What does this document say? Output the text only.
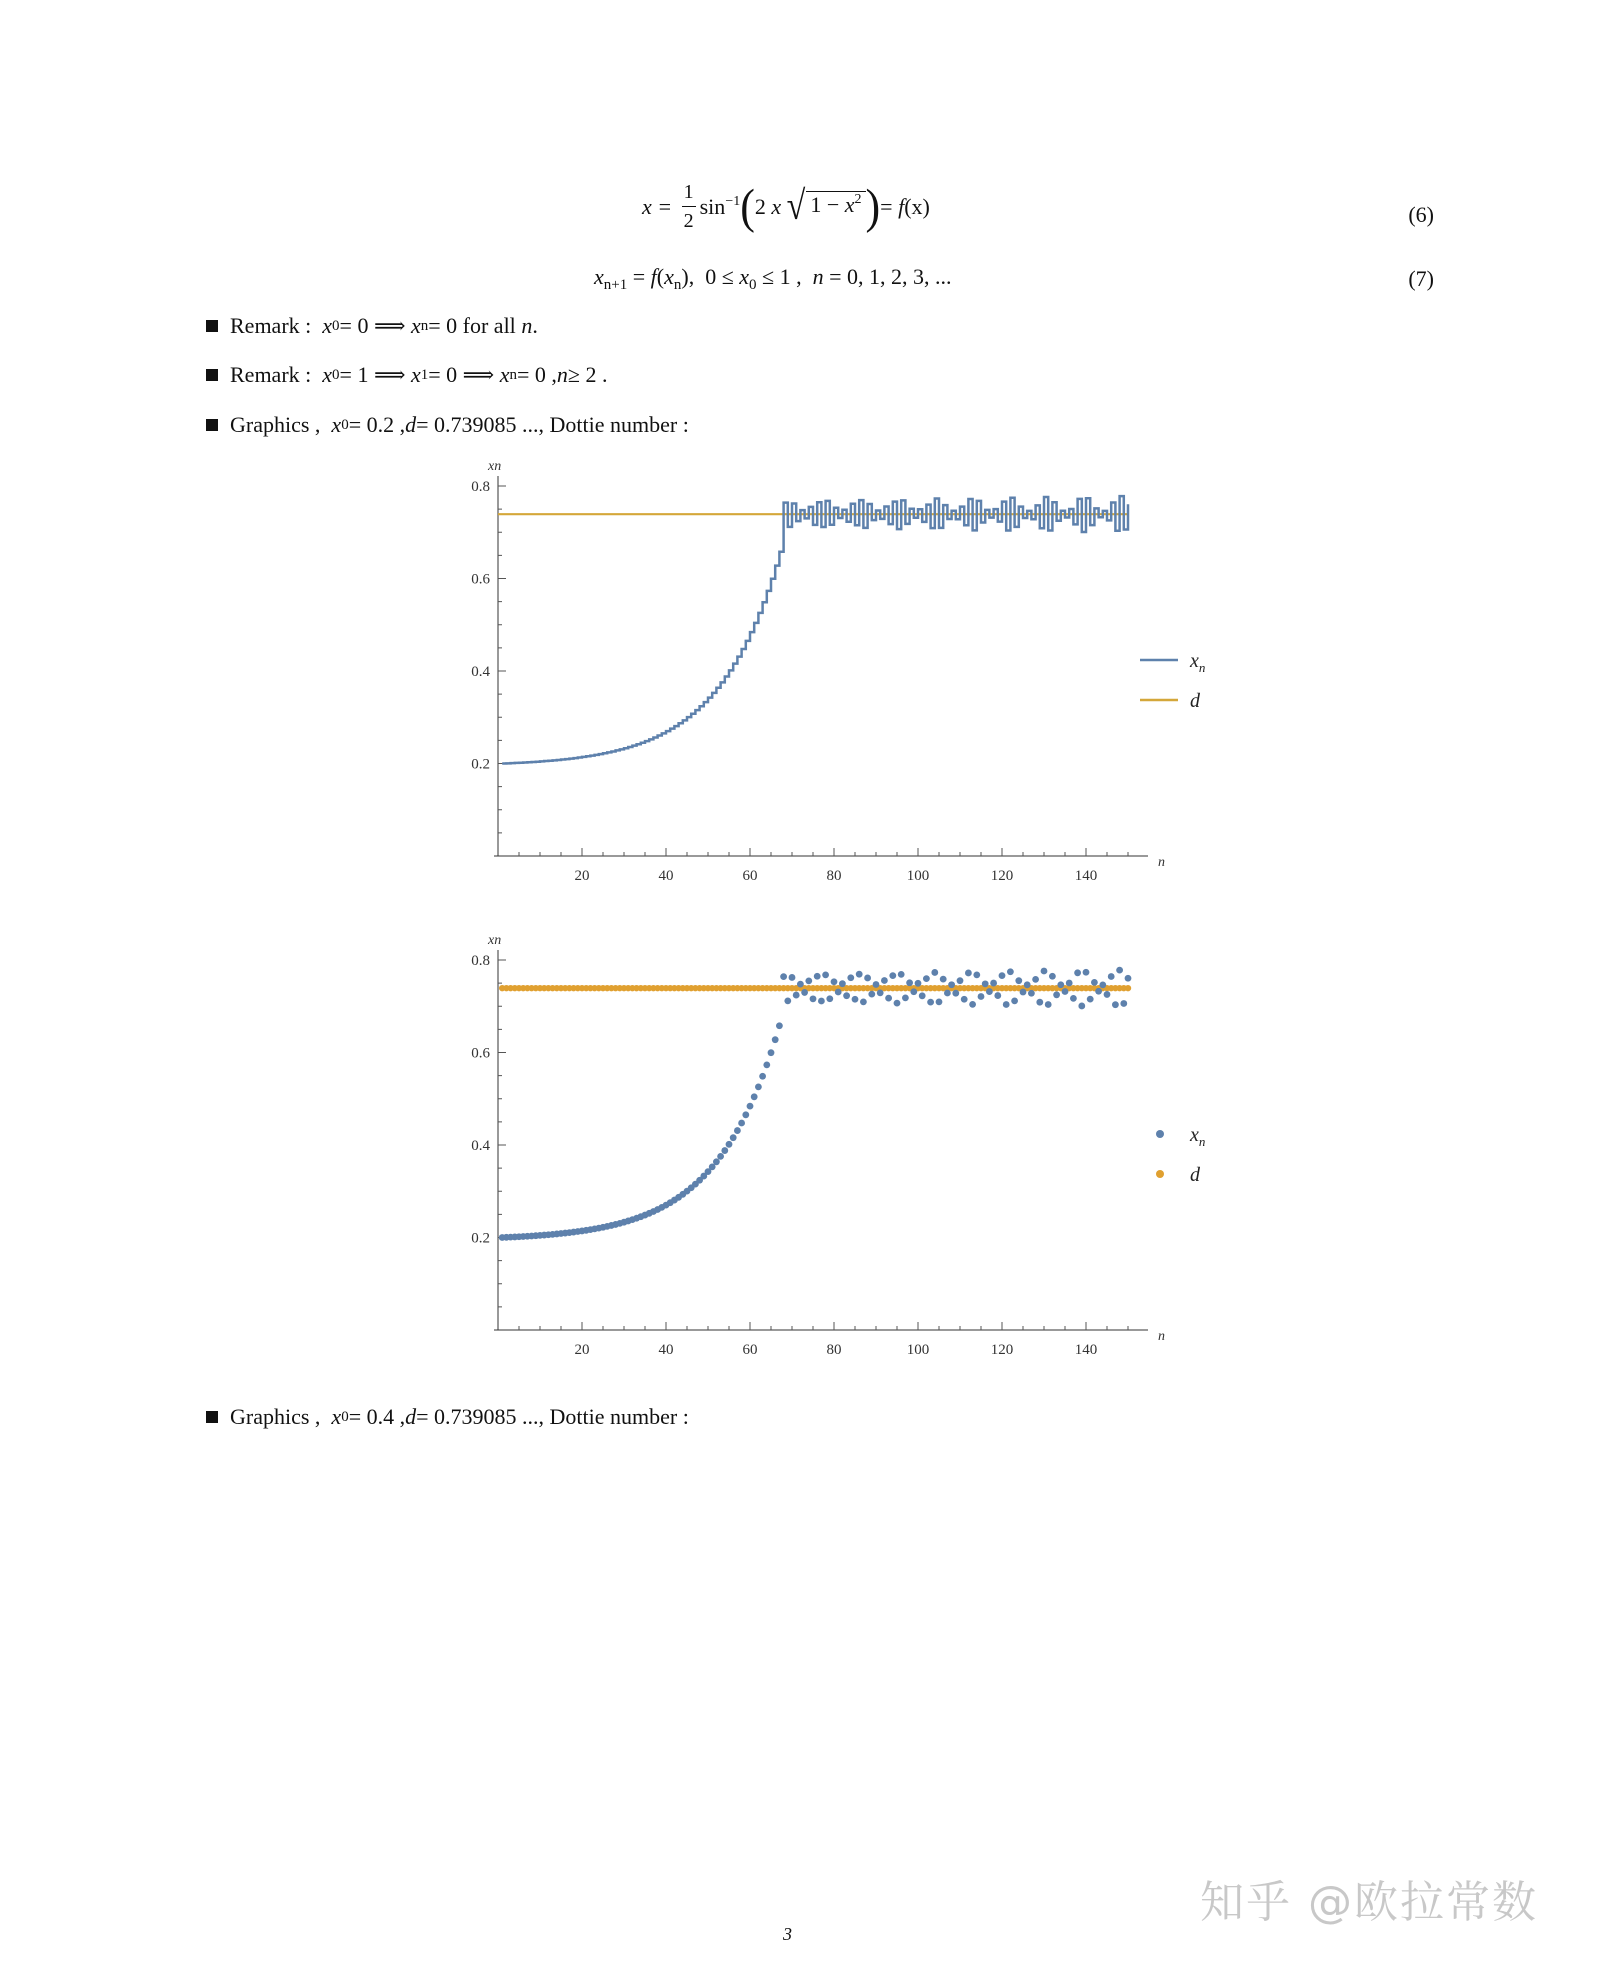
x =
$\frac{1}{2} \sin^{-1}$ ( 2
x
√ $1 - x^2$ ) =
f (x)	(6)
$x_{n+1} = f(x_n)$, $0 \le x_0 \le 1$ , n = 0, 1, 2, 3, ...	(7)
Remark :
x 0 = 0 ⟹
x n = 0 for all
n .
Remark :
x 0 = 1 ⟹
x 1 = 0 ⟹
x n = 0 , n ≥ 2 .
Graphics ,
x 0 = 0.2 , d = 0.739085 ..., Dottie number :
0.2
0.4
0.6
0.8
20	40	60	80	100	120	140
xn
n
$x_n$
d
0.2
0.4
0.6
0.8
20	40	60	80	100	120	140
xn
n
$x_n$
d
Graphics ,
x 0 = 0.4 , d = 0.739085 ..., Dottie number :
知乎 @欧拉常数
3
